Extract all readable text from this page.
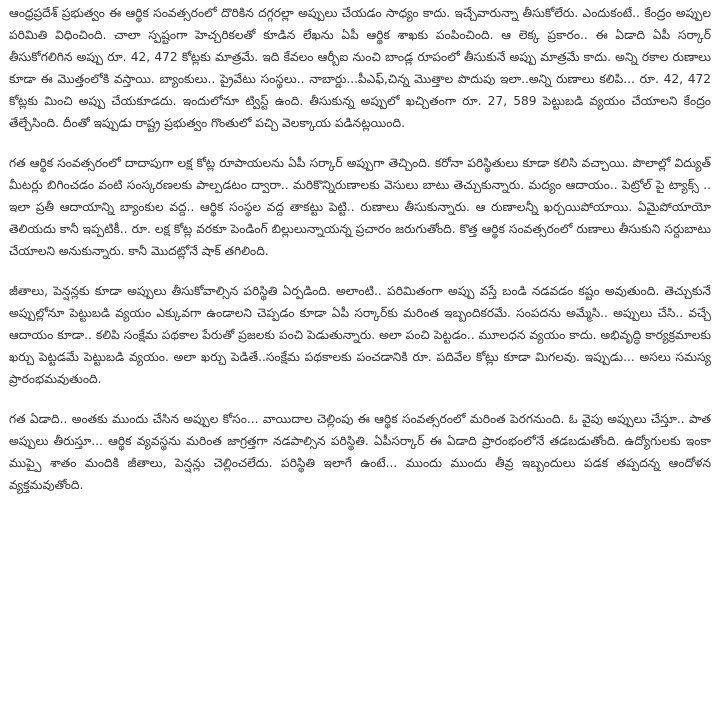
ఆంధ్రప్రదేశ్ ప్రభుత్వం ఈ ఆర్థిక సంవత్సరంలో దొరికిన దగ్గరల్లా అప్పులు చేయడం సాధ్యం కాదు. ఇచ్చేవారున్నా తీసుకోలేరు. ఎందుకంటే.. కేంద్రం అప్పుల పరిమితి విధించింది. చాలా స్పష్టంగా హెచ్చరికలతో కూడిన లేఖను ఏపీ ఆర్థిక శాఖకు పంపించింది. ఆ లెక్క ప్రకారం.. ఈ ఏడాది ఏపీ సర్కార్ తీసుకోగలిగిన అప్పు రూ. 42, 472 కోట్లకు మాత్రమే. ఇది కేవలం ఆర్బీఐ నుంచి బాండ్ల రూపంలో తీసుకునే అప్పు మాత్రమే కాదు. అన్ని రకాల రుణాలు కూడా ఈ మొత్తంలోకి వస్తాయి. బ్యాంకులు.. ప్రైవేటు సంస్థలు.. నాబార్డు...పీఎఫ్,చిన్న మొత్తాల పొదుపు ఇలా..అన్ని రుణాలు కలిపి... రూ. 42, 472 కోట్లకు మించి అప్పు చేయకూడదు. ఇందులోనూ ట్విస్ట్ ఉంది. తీసుకున్న అప్పులో ఖచ్చితంగా రూ. 27, 589 పెట్టుబడి వ్యయం చేయాలని కేంద్రం తేల్చేసింది. దీంతో ఇప్పుడు రాష్ట్ర ప్రభుత్వం గొంతులో పచ్చి వెలక్కాయ పడినట్లయింది.

గత ఆర్థిక సంవత్సరంలో దాదాపుగా లక్ష కోట్ల రూపాయలను ఏపీ సర్కార్ అప్పుగా తెచ్చింది. కరోనా పరిస్థితులు కూడా కలిసి వచ్చాయి. పొలాల్లో విద్యుత్ మీటర్లు బిగించడం వంటి సంస్కరణలకు పాల్పడటం ద్వారా.. మరికొన్నిరుణాలకు వెసులు బాటు తెచ్చుకున్నారు. మద్యం ఆదాయం.. పెట్రోల్ పై ట్యాక్స్ .. ఇలా ప్రతీ ఆదాయాన్ని బ్యాంకుల వద్ద.. ఆర్థిక సంస్థల వద్ద తాకట్టు పెట్టి.. రుణాలు తీసుకున్నారు. ఆ రుణాలన్నీ ఖర్చయిపోయాయి. ఏమైపోయాయో తెలియదు కానీ ఇప్పటికీ.. రూ. లక్ష కోట్ల వరకూ పెండింగ్ బిల్లులున్నాయన్న ప్రచారం జరుగుతోంది. కొత్త ఆర్థిక సంవత్సరంలో రుణాలు తీసుకుని సర్దుబాటు చేయాలని అనుకున్నారు. కానీ మొదట్లోనే షాక్ తగిలింది.

జీతాలు, పెన్షన్లకు కూడా అప్పులు తీసుకోవాల్సిన పరిస్థితి ఏర్పడింది. అలాంటి.. పరిమితంగా అప్పు వస్తే బండి నడవడం కష్టం అవుతుంది. తెచ్చుకునే అప్పుల్లోనూ పెట్టుబడి వ్యయం ఎక్కువగా ఉండాలని చెప్పడం కూడా ఏపీ సర్కార్‌కు మరింత ఇబ్బందికరమే. సంపదను అమ్మేసి.. అప్పులు చేసి.. వచ్చే ఆదాయం కూడా.. కలిపి సంక్షేమ పథకాల పేరుతో ప్రజలకు పంచి పెడుతున్నారు. అలా పంచి పెట్టడం.. మూలధన వ్యయం కాదు. అభివృద్ధి కార్యక్రమాలకు ఖర్చు పెట్టడమే పెట్టుబడి వ్యయం. అలా ఖర్చు పెడితే..సంక్షేమ పథకాలకు పంచడానికి రూ. పదివేల కోట్లు కూడా మిగలవు. ఇప్పుడు... అసలు సమస్య ప్రారంభమవుతుంది.

గత ఏడాది.. అంతకు ముందు చేసిన అప్పుల కోసం... వాయిదాల చెల్లింపు ఈ ఆర్థిక సంవత్సరంలో మరింత పెరగనుంది. ఓ వైపు అప్పులు చేస్తూ.. పాత అప్పులు తీరుస్తూ... ఆర్థిక వ్యవస్థను మరింత జాగ్రత్తగా నడపాల్సిన పరిస్థితి. ఏపీసర్కార్ ఈ ఏడాది ప్రారంభంలోనే తడబడుతోంది. ఉద్యోగులకు ఇంకా ముప్పై శాతం మందికి జీతాలు, పెన్షన్లు చెల్లించలేదు. పరిస్థితి ఇలాగే ఉంటే... ముందు ముందు తీవ్ర ఇబ్బందులు పడక తప్పదన్న ఆందోళన వ్యక్తమవుతోంది.
